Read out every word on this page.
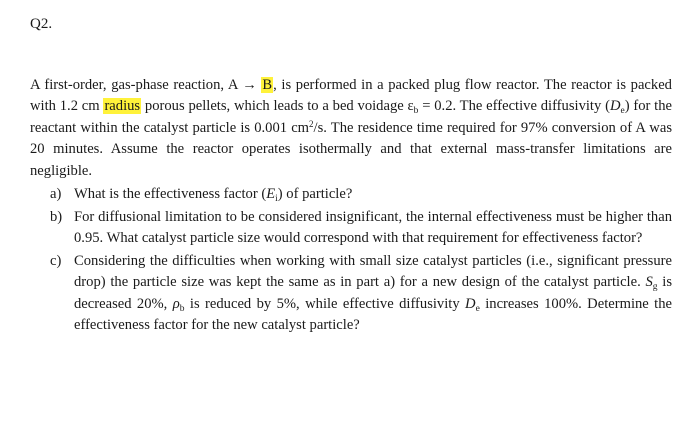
Q2.

A first-order, gas-phase reaction, A → B, is performed in a packed plug flow reactor. The reactor is packed with 1.2 cm radius porous pellets, which leads to a bed voidage $\varepsilon_b = 0.2$. The effective diffusivity $(D_e)$ for the reactant within the catalyst particle is 0.001 $cm^2/s$. The residence time required for 97% conversion of A was 20 minutes. Assume the reactor operates isothermally and that external mass-transfer limitations are negligible.

a) What is the effectiveness factor $(E_i)$ of particle?
b) For diffusional limitation to be considered insignificant, the internal effectiveness must be higher than 0.95. What catalyst particle size would correspond with that requirement for effectiveness factor?
c) Considering the difficulties when working with small size catalyst particles (i.e., significant pressure drop) the particle size was kept the same as in part a) for a new design of the catalyst particle. $S_g$ is decreased 20%, $\rho_b$ is reduced by 5%, while effective diffusivity $D_e$ increases 100%. Determine the effectiveness factor for the new catalyst particle?
